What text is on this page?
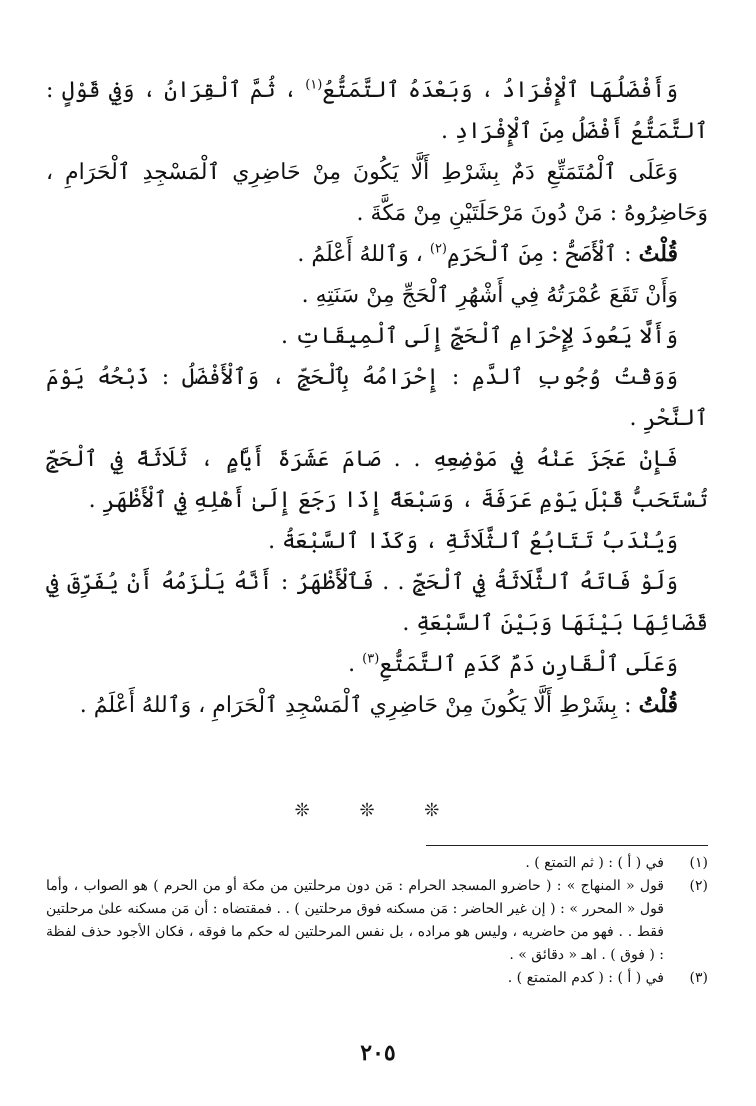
وَأَفْضَلُهَا ٱلْإِفْرَادُ ، وَبَعْدَهُ ٱلتَّمَتُّعُ$^{(١)}$ ، ثُمَّ ٱلْقِرَانُ ، وَفِي قَوْلٍ : ٱلتَّمَتُّعُ أَفْضَلُ مِنَ ٱلْإِفْرَادِ .

وَعَلَى ٱلْمُتَمَتِّعِ دَمٌ بِشَرْطِ أَلَّا يَكُونَ مِنْ حَاضِرِي ٱلْمَسْجِدِ ٱلْحَرَامِ ، وَحَاضِرُوهُ : مَنْ دُونَ مَرْحَلَتَيْنِ مِنْ مَكَّةَ .

قُلْتُ : ٱلْأَصَحُّ : مِنَ ٱلْحَرَمِ$^{(٢)}$ ، وَٱللهُ أَعْلَمُ .

وَأَنْ تَقَعَ عُمْرَتُهُ فِي أَشْهُرِ ٱلْحَجِّ مِنْ سَنَتِهِ .

وَأَلَّا يَعُودَ لِإِحْرَامِ ٱلْحَجِّ إِلَى ٱلْمِيقَاتِ .

وَوَقْتُ وُجُوبِ ٱلدَّمِ : إِحْرَامُهُ بِٱلْحَجِّ ، وَٱلْأَفْضَلُ : ذَبْحُهُ يَوْمَ ٱلنَّحْرِ .

فَإِنْ عَجَزَ عَنْهُ فِي مَوْضِعِهِ . . صَامَ عَشَرَةَ أَيَّامٍ ، ثَلَاثَةً فِي ٱلْحَجِّ تُسْتَحَبُّ قَبْلَ يَوْمِ عَرَفَةَ ، وَسَبْعَةً إِذَا رَجَعَ إِلَىٰ أَهْلِهِ فِي ٱلْأَظْهَرِ .

وَيُنْدَبُ تَتَابُعُ ٱلثَّلَاثَةِ ، وَكَذَا ٱلسَّبْعَةُ .

وَلَوْ فَاتَهُ ٱلثَّلَاثَةُ فِي ٱلْحَجِّ . . فَٱلْأَظْهَرُ : أَنَّهُ يَلْزَمُهُ أَنْ يُفَرِّقَ فِي قَضَائِهَا بَيْنَهَا وَبَيْنَ ٱلسَّبْعَةِ .

وَعَلَى ٱلْقَارِنِ دَمٌ كَدَمِ ٱلتَّمَتُّعِ$^{(٣)}$ .

قُلْتُ : بِشَرْطِ أَلَّا يَكُونَ مِنْ حَاضِرِي ٱلْمَسْجِدِ ٱلْحَرَامِ ، وَٱللهُ أَعْلَمُ .

❊ ❊ ❊
(١)
في ( أ ) : ( ثم التمتع ) .
(٢)
قول « المنهاج » : ( حاضرو المسجد الحرام : مَن دون مرحلتين من مكة أو من الحرم ) هو الصواب ، وأما قول « المحرر » : ( إن غير الحاضر : مَن مسكنه فوق مرحلتين ) . . فمقتضاه : أن مَن مسكنه علىٰ مرحلتين فقط . . فهو من حاضريه ، وليس هو مراده ، بل نفس المرحلتين له حكم ما فوقه ، فكان الأجود حذف لفظة : ( فوق ) . اهـ « دقائق » .
(٣)
في ( أ ) : ( كدم المتمتع ) .
٢٠٥
